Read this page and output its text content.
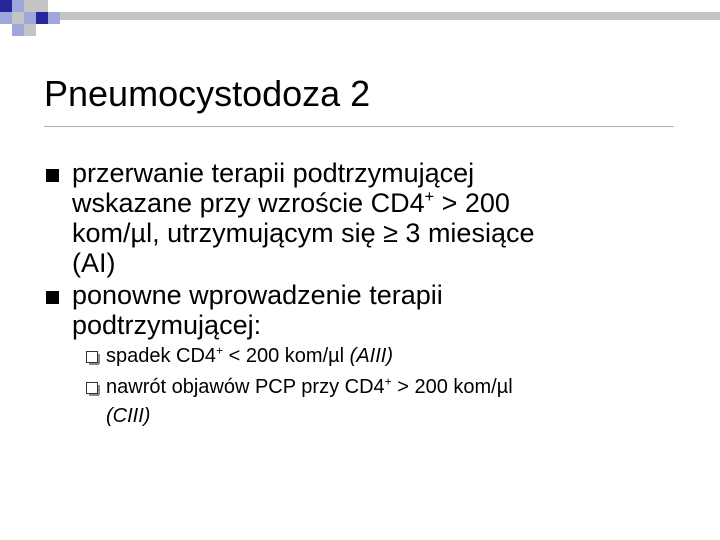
Pneumocystodoza 2
przerwanie terapii podtrzymującej
wskazane przy wzroście CD4+ > 200
kom/µl, utrzymującym się ≥ 3 miesiące
(AI)
ponowne wprowadzenie terapii
podtrzymującej:
spadek CD4+ < 200 kom/µl (AIII)
nawrót objawów PCP przy CD4+ > 200 kom/µl
(CIII)
